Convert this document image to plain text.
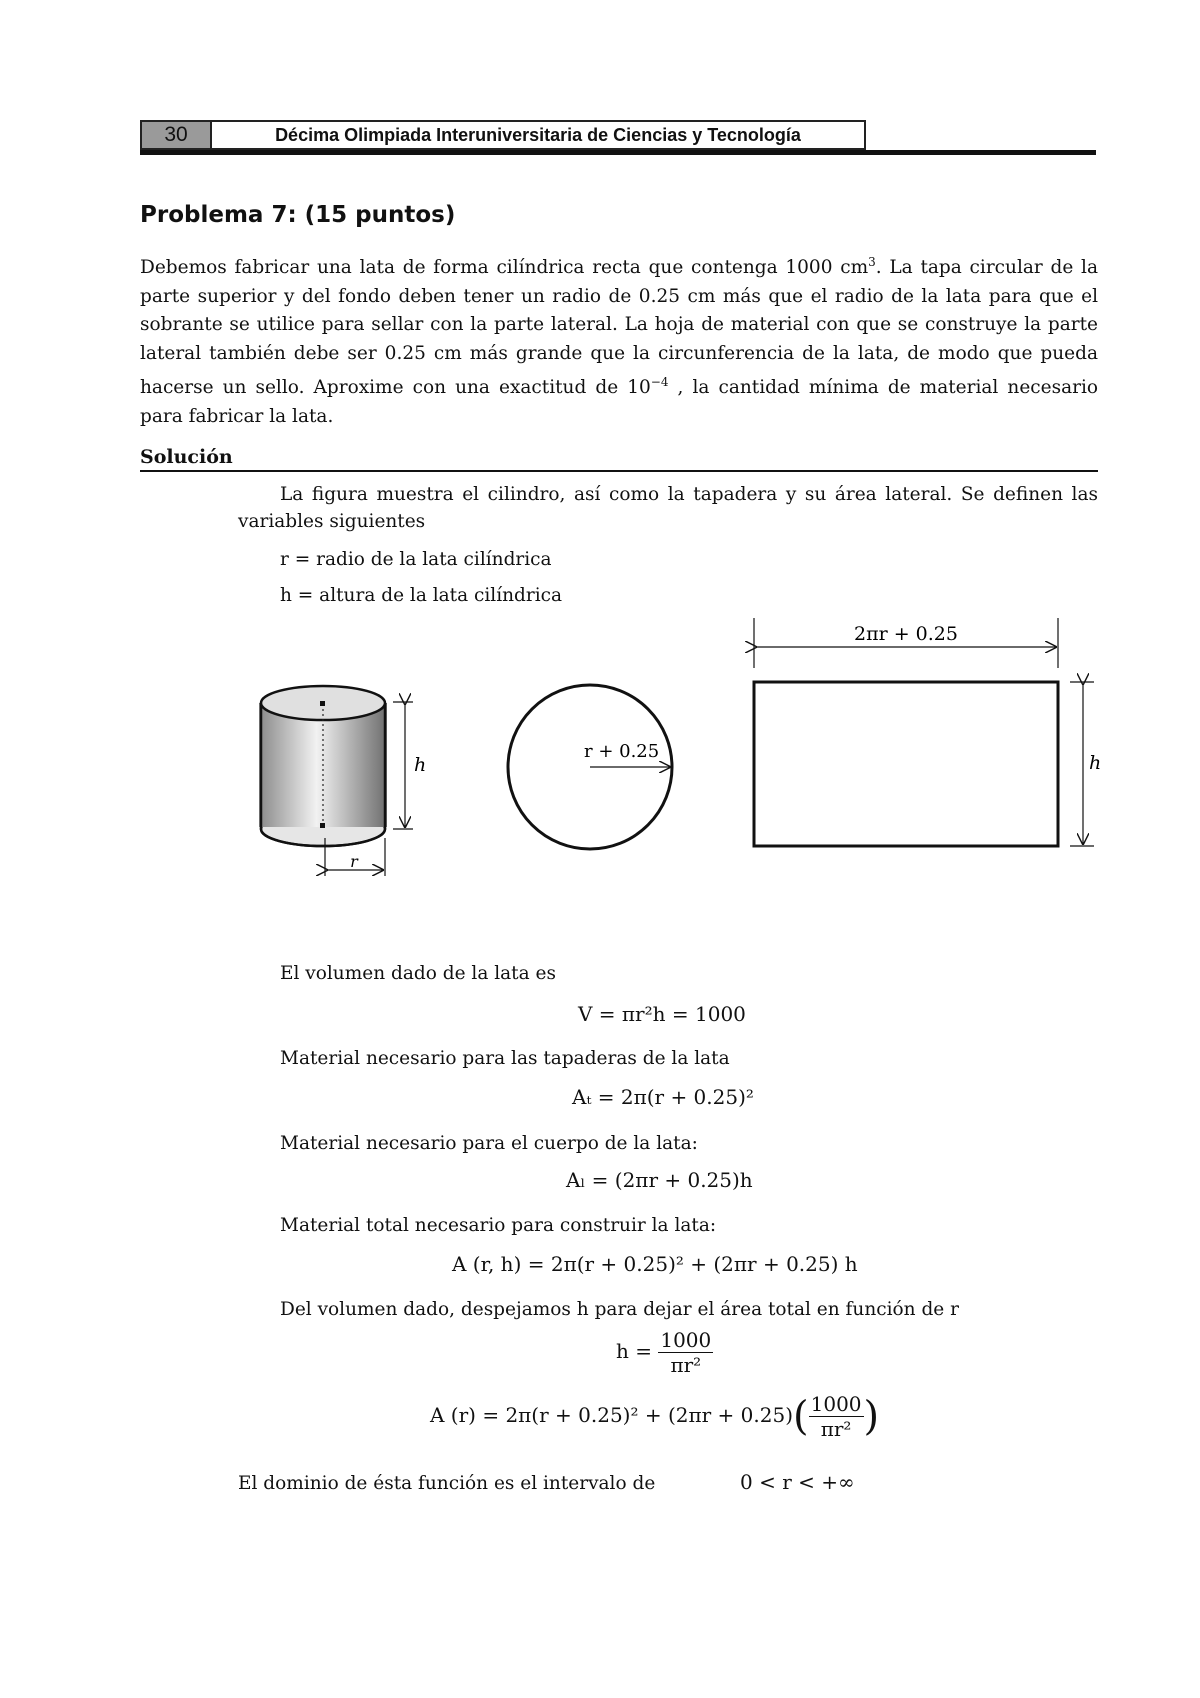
30	Décima Olimpiada Interuniversitaria de Ciencias y Tecnología
Problema 7: (15 puntos)

Debemos fabricar una lata de forma cilíndrica recta que contenga 1000 $cm^3$. La tapa circular de la parte superior y del fondo deben tener un radio de 0.25 cm más que el radio de la lata para que el sobrante se utilice para sellar con la parte lateral. La hoja de material con que se construye la parte lateral también debe ser 0.25 cm más grande que la circunferencia de la lata, de modo que pueda hacerse un sello. Aproxime con una exactitud de $10^{-4}$ , la cantidad mínima de material necesario para fabricar la lata.

Solución

La figura muestra el cilindro, así como la tapadera y su área lateral. Se definen las variables siguientes

r = radio de la lata cilíndrica
h = altura de la lata cilíndrica
h
r
r + 0.25
2πr + 0.25
h
El volumen dado de la lata es
V = πr²h = 1000
Material necesario para las tapaderas de la lata
Aₜ = 2π(r + 0.25)²
Material necesario para el cuerpo de la lata:
Aₗ = (2πr + 0.25)h
Material total necesario para construir la lata:
A (r, h) = 2π(r + 0.25)² + (2πr + 0.25) h
Del volumen dado, despejamos h para dejar el área total en función de r
$h = \frac{1000}{\text{πr²}}$
A $(r) = 2\pi(r + 0.25)^2 + (2\pi r + 0.25)( \frac{1000}{\text{πr²}}$ )
El dominio de ésta función es el intervalo de	0 < r < +∞
